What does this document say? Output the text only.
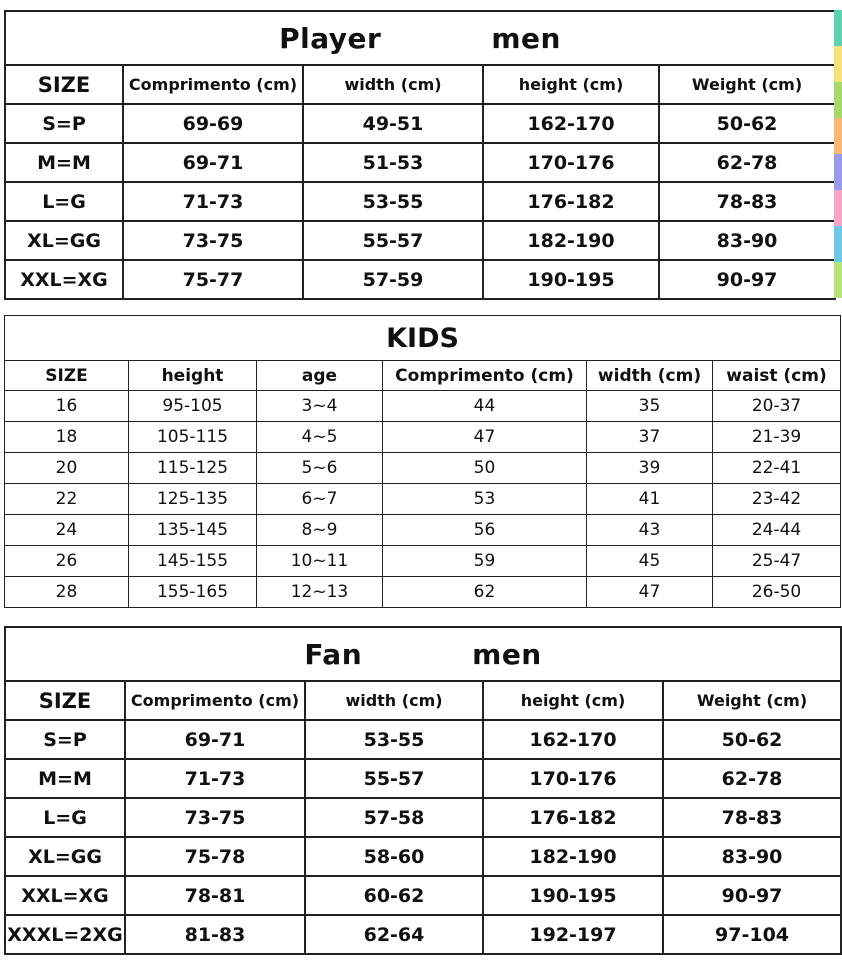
Player men				
SIZE	Comprimento (cm)	width (cm)	height (cm)	Weight (cm)
S=P	69-69	49-51	162-170	50-62
M=M	69-71	51-53	170-176	62-78
L=G	71-73	53-55	176-182	78-83
XL=GG	73-75	55-57	182-190	83-90
XXL=XG	75-77	57-59	190-195	90-97
KIDS					
SIZE	height	age	Comprimento (cm)	width (cm)	waist (cm)
16	95-105	3~4	44	35	20-37
18	105-115	4~5	47	37	21-39
20	115-125	5~6	50	39	22-41
22	125-135	6~7	53	41	23-42
24	135-145	8~9	56	43	24-44
26	145-155	10~11	59	45	25-47
28	155-165	12~13	62	47	26-50
Fan men				
SIZE	Comprimento (cm)	width (cm)	height (cm)	Weight (cm)
S=P	69-71	53-55	162-170	50-62
M=M	71-73	55-57	170-176	62-78
L=G	73-75	57-58	176-182	78-83
XL=GG	75-78	58-60	182-190	83-90
XXL=XG	78-81	60-62	190-195	90-97
XXXL=2XG	81-83	62-64	192-197	97-104
